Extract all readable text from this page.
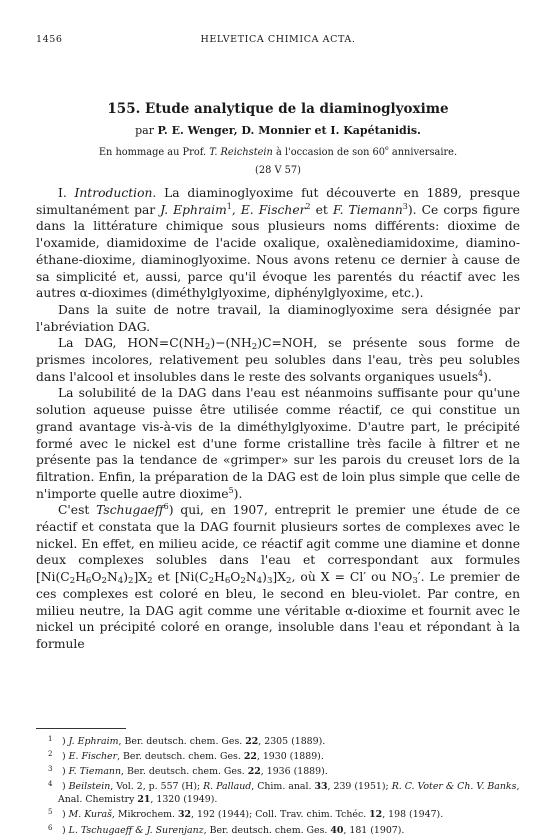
1456	HELVETICA CHIMICA ACTA.
155. Etude analytique de la diaminoglyoxime
par P. E. Wenger, D. Monnier et I. Kapétanidis.
En hommage au Prof. T. Reichstein à l'occasion de son 60e anniversaire.
(28 V 57)

I. Introduction. La diaminoglyoxime fut découverte en 1889, presque simultanément par J. Ephraim$^1$, E. Fischer$^2$ et F. Tiemann$^3$). Ce corps figure dans la littérature chimique sous plusieurs noms différents: dioxime de l'oxamide, diamidoxime de l'acide oxalique, oxalènediamidoxime, diamino-éthane-dioxime, diaminoglyoxime. Nous avons retenu ce dernier à cause de sa simplicité et, aussi, parce qu'il évoque les parentés du réactif avec les autres α-dioximes (diméthylglyoxime, diphénylglyoxime, etc.).

Dans la suite de notre travail, la diaminoglyoxime sera désignée par l'abréviation DAG.

La DAG, $HON=C(NH_2)-(NH_2)C=NOH$, se présente sous forme de prismes incolores, relativement peu solubles dans l'eau, très peu solubles dans l'alcool et insolubles dans le reste des solvants organiques usuels$^4$).

La solubilité de la DAG dans l'eau est néanmoins suffisante pour qu'une solution aqueuse puisse être utilisée comme réactif, ce qui constitue un grand avantage vis-à-vis de la diméthylglyoxime. D'autre part, le précipité formé avec le nickel est d'une forme cristalline très facile à filtrer et ne présente pas la tendance de «grimper» sur les parois du creuset lors de la filtration. Enfin, la préparation de la DAG est de loin plus simple que celle de n'importe quelle autre dioxime$^5$).

C'est Tschugaeff$^6$) qui, en 1907, entreprit le premier une étude de ce réactif et constata que la DAG fournit plusieurs sortes de complexes avec le nickel. En effet, en milieu acide, ce réactif agit comme une diamine et donne deux complexes solubles dans l'eau et correspondant aux formules $[Ni(C_2H_6O_2N_4)_2]X_2$ et $[Ni(C_2H_6O_2N_4)_3]X_2$, où X = Cl′ ou $NO_3'$. Le premier de ces complexes est coloré en bleu, le second en bleu-violet. Par contre, en milieu neutre, la DAG agit comme une véritable α-dioxime et fournit avec le nickel un précipité coloré en orange, insoluble dans l'eau et répondant à la formule

1 ) J. Ephraim, Ber. deutsch. chem. Ges. 22, 2305 (1889).
2 ) E. Fischer, Ber. deutsch. chem. Ges. 22, 1930 (1889).
3 ) F. Tiemann, Ber. deutsch. chem. Ges. 22, 1936 (1889).
4 ) Beilstein, Vol. 2, p. 557 (H); R. Pallaud, Chim. anal. 33, 239 (1951); R. C. Voter & Ch. V. Banks, Anal. Chemistry 21, 1320 (1949).
5 ) M. Kuraš, Mikrochem. 32, 192 (1944); Coll. Trav. chim. Tchéc. 12, 198 (1947).
6 ) L. Tschugaeff & J. Surenjanz, Ber. deutsch. chem. Ges. 40, 181 (1907).
